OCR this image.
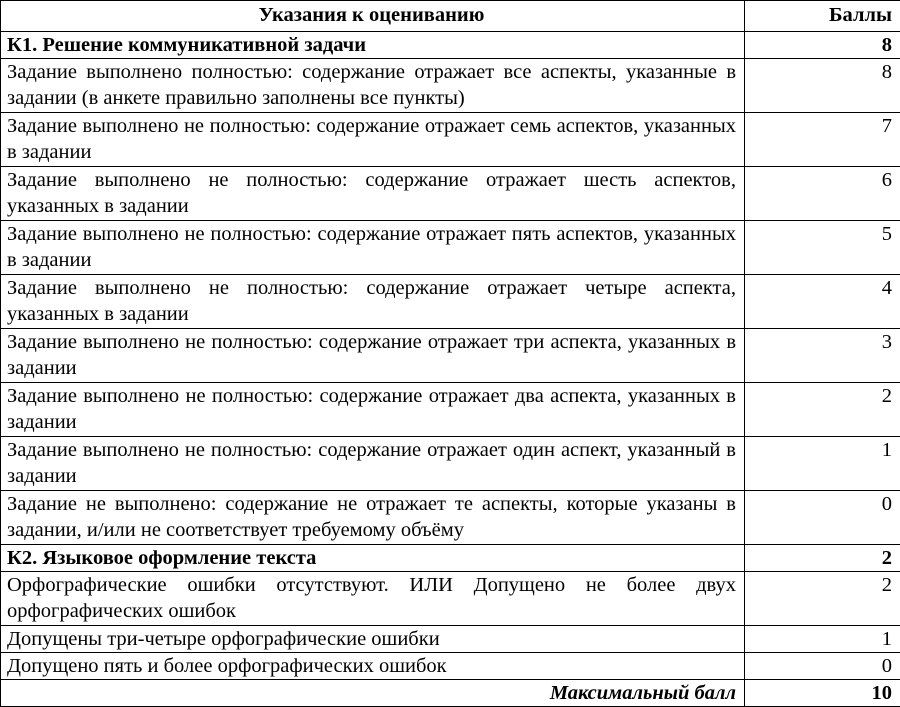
Указания к оцениванию	Баллы
К1. Решение коммуникативной задачи	8
Задание выполнено полностью: содержание отражает все аспекты, указанные в задании (в анкете правильно заполнены все пункты)	8
Задание выполнено не полностью: содержание отражает семь аспектов, указанных в задании	7
Задание выполнено не полностью: содержание отражает шесть аспектов, указанных в задании	6
Задание выполнено не полностью: содержание отражает пять аспектов, указанных в задании	5
Задание выполнено не полностью: содержание отражает четыре аспекта, указанных в задании	4
Задание выполнено не полностью: содержание отражает три аспекта, указанных в задании	3
Задание выполнено не полностью: содержание отражает два аспекта, указанных в задании	2
Задание выполнено не полностью: содержание отражает один аспект, указанный в задании	1
Задание не выполнено: содержание не отражает те аспекты, которые указаны в задании, и/или не соответствует требуемому объёму	0
К2. Языковое оформление текста	2
Орфографические ошибки отсутствуют. ИЛИ Допущено не более двух орфографических ошибок	2
Допущены три-четыре орфографические ошибки	1
Допущено пять и более орфографических ошибок	0
Максимальный балл	10
